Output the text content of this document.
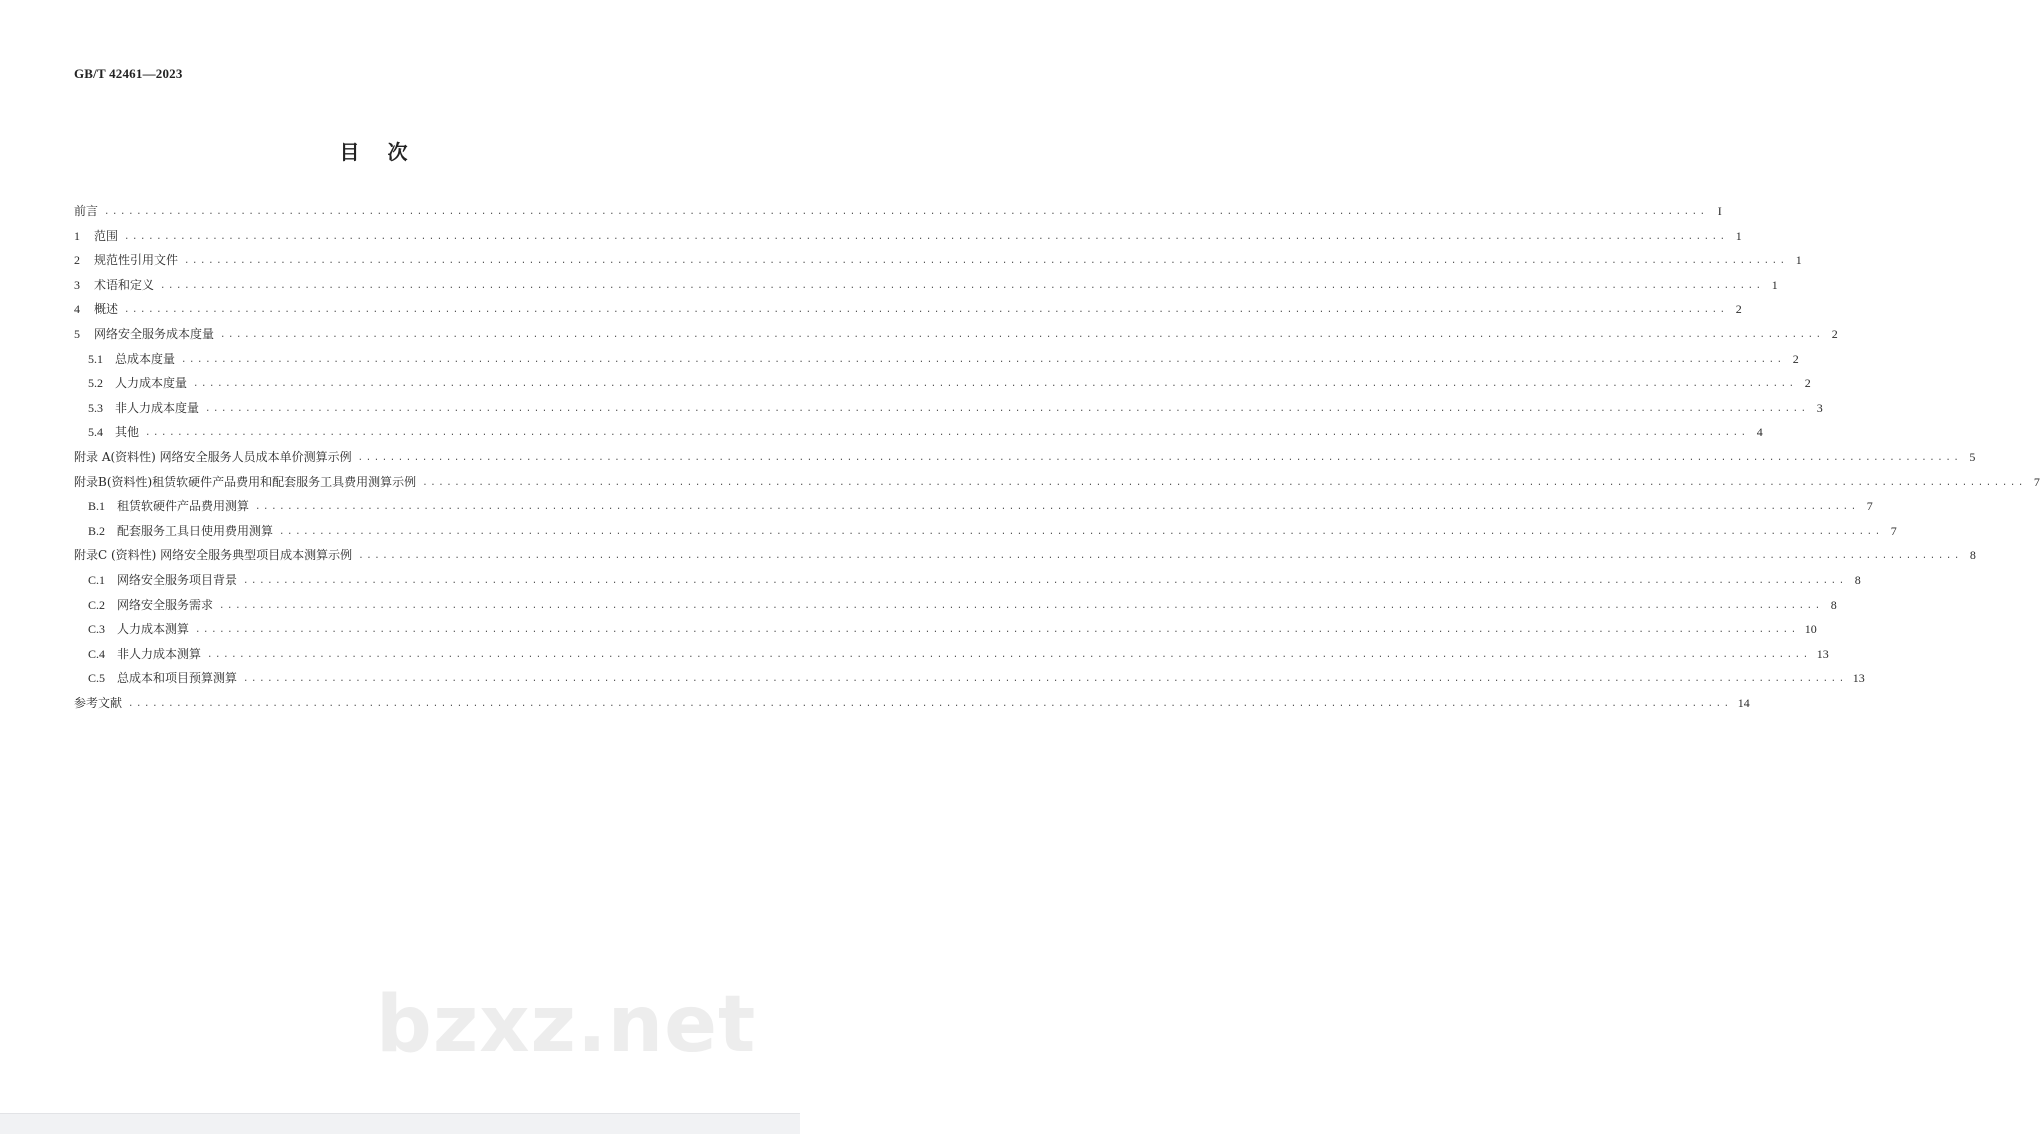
GB/T 42461—2023
目次
前言 ........................................................................................................................................................................................................ I
1 范围 ........................................................................................................................................................................................................ 1
2 规范性引用文件 ........................................................................................................................................................................................................ 1
3 术语和定义 ........................................................................................................................................................................................................ 1
4 概述 ........................................................................................................................................................................................................ 2
5 网络安全服务成本度量 ........................................................................................................................................................................................................ 2
5.1 总成本度量 ........................................................................................................................................................................................................ 2
5.2 人力成本度量 ........................................................................................................................................................................................................ 2
5.3 非人力成本度量 ........................................................................................................................................................................................................ 3
5.4 其他 ........................................................................................................................................................................................................ 4
附录 A(资料性) 网络安全服务人员成本单价测算示例 ........................................................................................................................................................................................................ 5
附录B(资料性)租赁软硬件产品费用和配套服务工具费用测算示例 ........................................................................................................................................................................................................ 7
B.1 租赁软硬件产品费用测算 ........................................................................................................................................................................................................ 7
B.2 配套服务工具日使用费用测算 ........................................................................................................................................................................................................ 7
附录C (资料性) 网络安全服务典型项目成本测算示例 ........................................................................................................................................................................................................ 8
C.1 网络安全服务项目背景 ........................................................................................................................................................................................................ 8
C.2 网络安全服务需求 ........................................................................................................................................................................................................ 8
C.3 人力成本测算 ........................................................................................................................................................................................................ 10
C.4 非人力成本测算 ........................................................................................................................................................................................................ 13
C.5 总成本和项目预算测算 ........................................................................................................................................................................................................ 13
参考文献 ........................................................................................................................................................................................................ 14
bzxz.net
